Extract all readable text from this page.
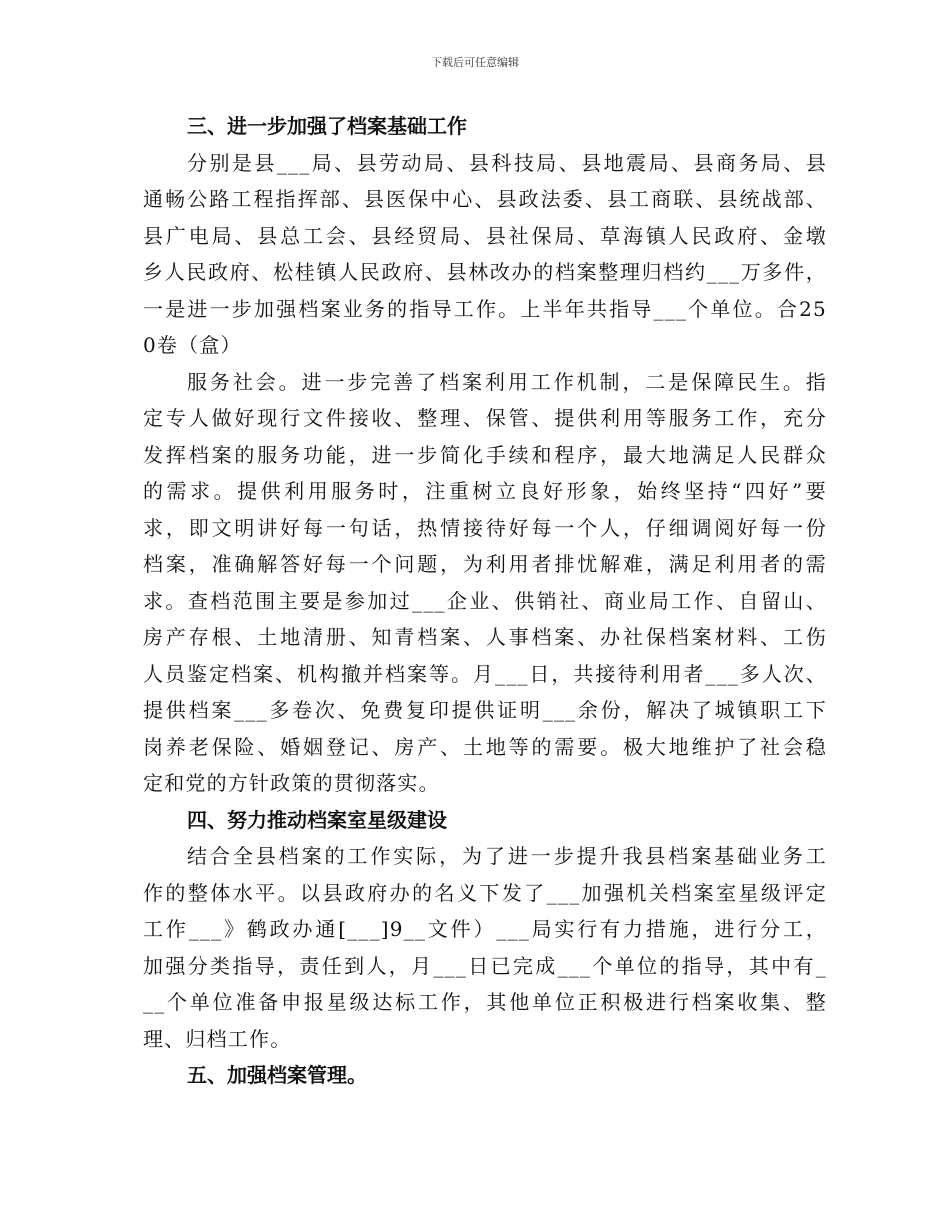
下载后可任意编辑
三、进一步加强了档案基础工作
分别是县___局、县劳动局、县科技局、县地震局、县商务局、县
通畅公路工程指挥部、县医保中心、县政法委、县工商联、县统战部、
县广电局、县总工会、县经贸局、县社保局、草海镇人民政府、金墩
乡人民政府、松桂镇人民政府、县林改办的档案整理归档约___万多件，
一是进一步加强档案业务的指导工作。上半年共指导___个单位。合25
0卷（盒）
服务社会。进一步完善了档案利用工作机制，二是保障民生。指
定专人做好现行文件接收、整理、保管、提供利用等服务工作，充分
发挥档案的服务功能，进一步简化手续和程序，最大地满足人民群众
的需求。提供利用服务时，注重树立良好形象，始终坚持“四好”要
求，即文明讲好每一句话，热情接待好每一个人，仔细调阅好每一份
档案，准确解答好每一个问题，为利用者排忧解难，满足利用者的需
求。查档范围主要是参加过___企业、供销社、商业局工作、自留山、
房产存根、土地清册、知青档案、人事档案、办社保档案材料、工伤
人员鉴定档案、机构撤并档案等。月___日，共接待利用者___多人次、
提供档案___多卷次、免费复印提供证明___余份，解决了城镇职工下
岗养老保险、婚姻登记、房产、土地等的需要。极大地维护了社会稳
定和党的方针政策的贯彻落实。
四、努力推动档案室星级建设
结合全县档案的工作实际，为了进一步提升我县档案基础业务工
作的整体水平。以县政府办的名义下发了___加强机关档案室星级评定
工作___》鹤政办通[___]9__文件）___局实行有力措施，进行分工，
加强分类指导，责任到人，月___日已完成___个单位的指导，其中有_
__个单位准备申报星级达标工作，其他单位正积极进行档案收集、整
理、归档工作。
五、加强档案管理。
